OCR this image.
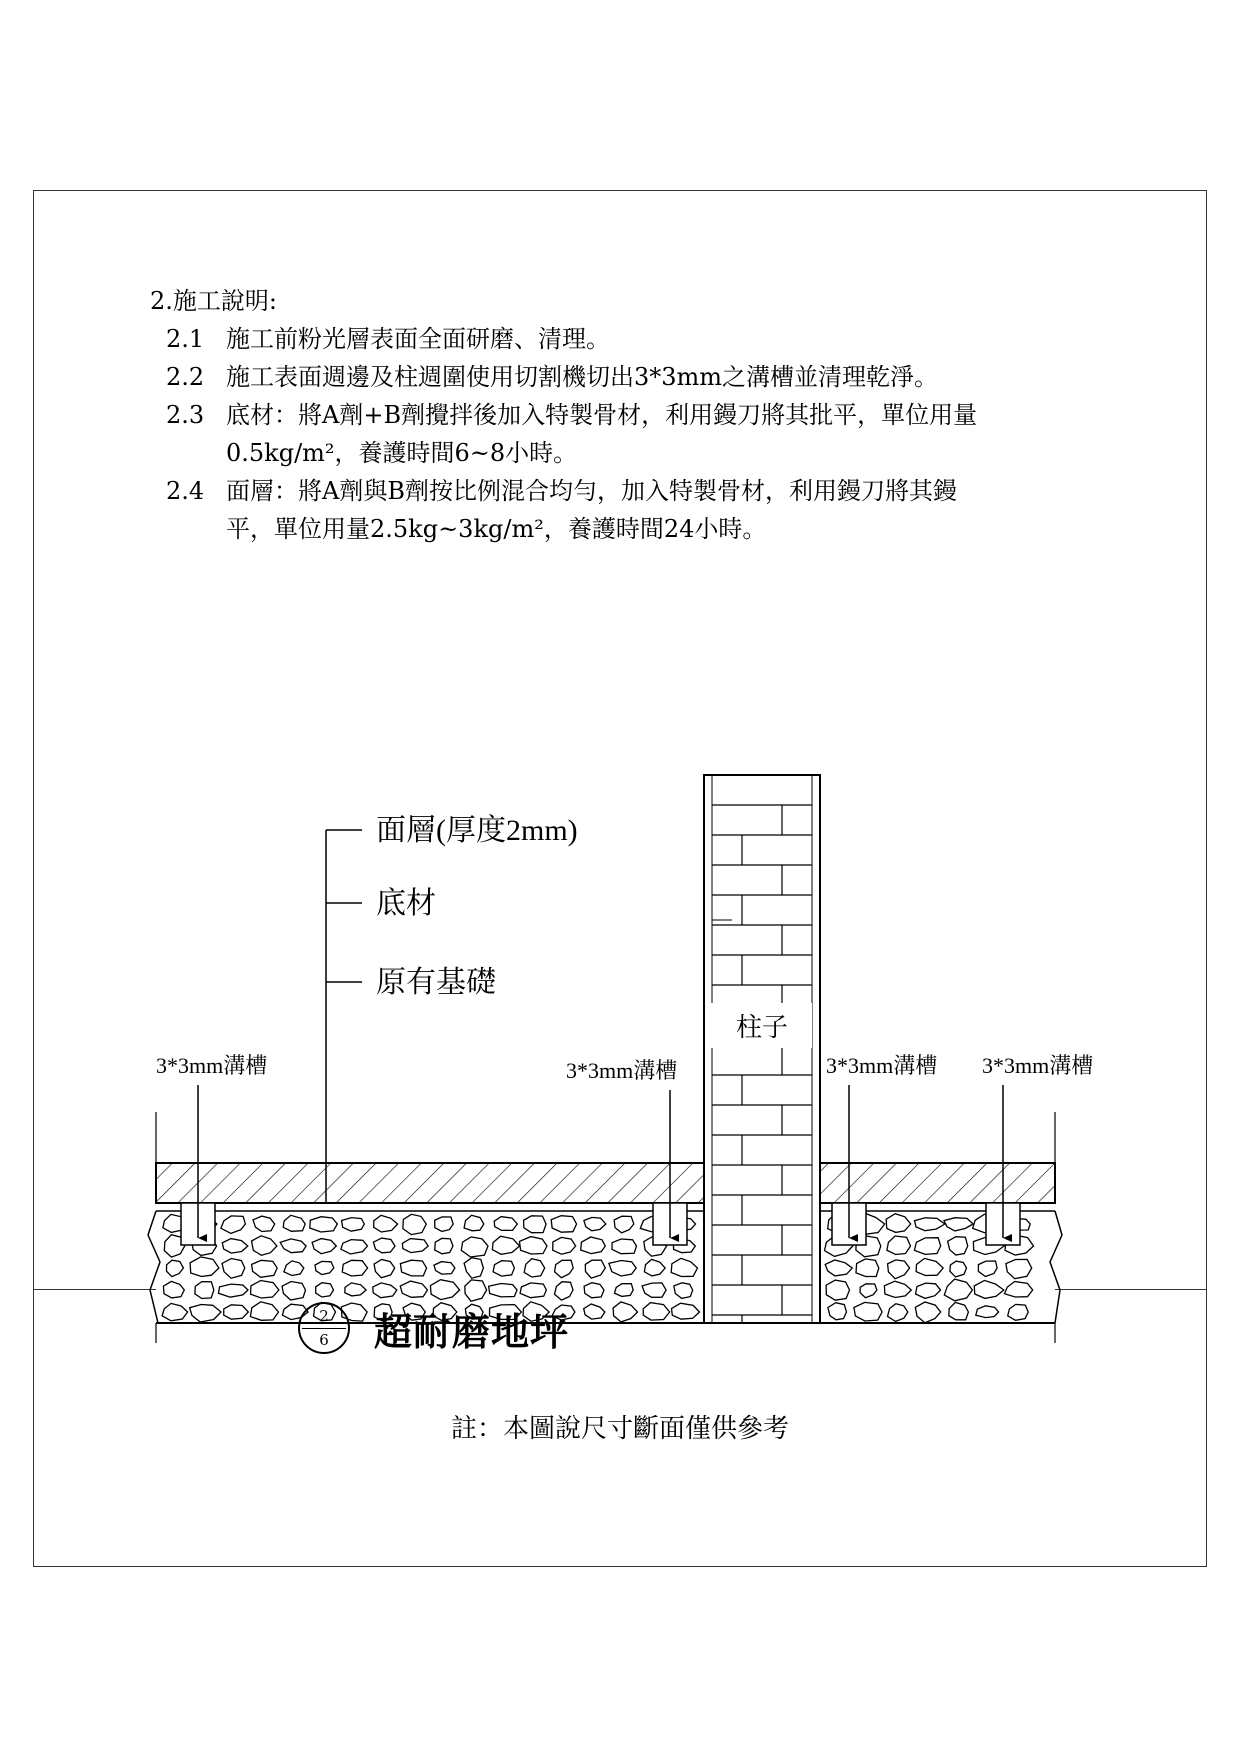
2.施工說明:
2.1 施工前粉光層表面全面研磨、清理。
2.2 施工表面週邊及柱週圍使用切割機切出3*3mm之溝槽並清理乾淨。
2.3 底材：將A劑+B劑攪拌後加入特製骨材，利用鏝刀將其批平，單位用量
0.5kg/m²，養護時間6~8小時。
2.4 面層：將A劑與B劑按比例混合均勻，加入特製骨材，利用鏝刀將其鏝
平，單位用量2.5kg~3kg/m²，養護時間24小時。
面層(厚度2mm)
底材
原有基礎
柱子
3*3mm溝槽	3*3mm溝槽	3*3mm溝槽 3*3mm溝槽
註：本圖說尺寸斷面僅供參考
2
6	超耐磨地坪
